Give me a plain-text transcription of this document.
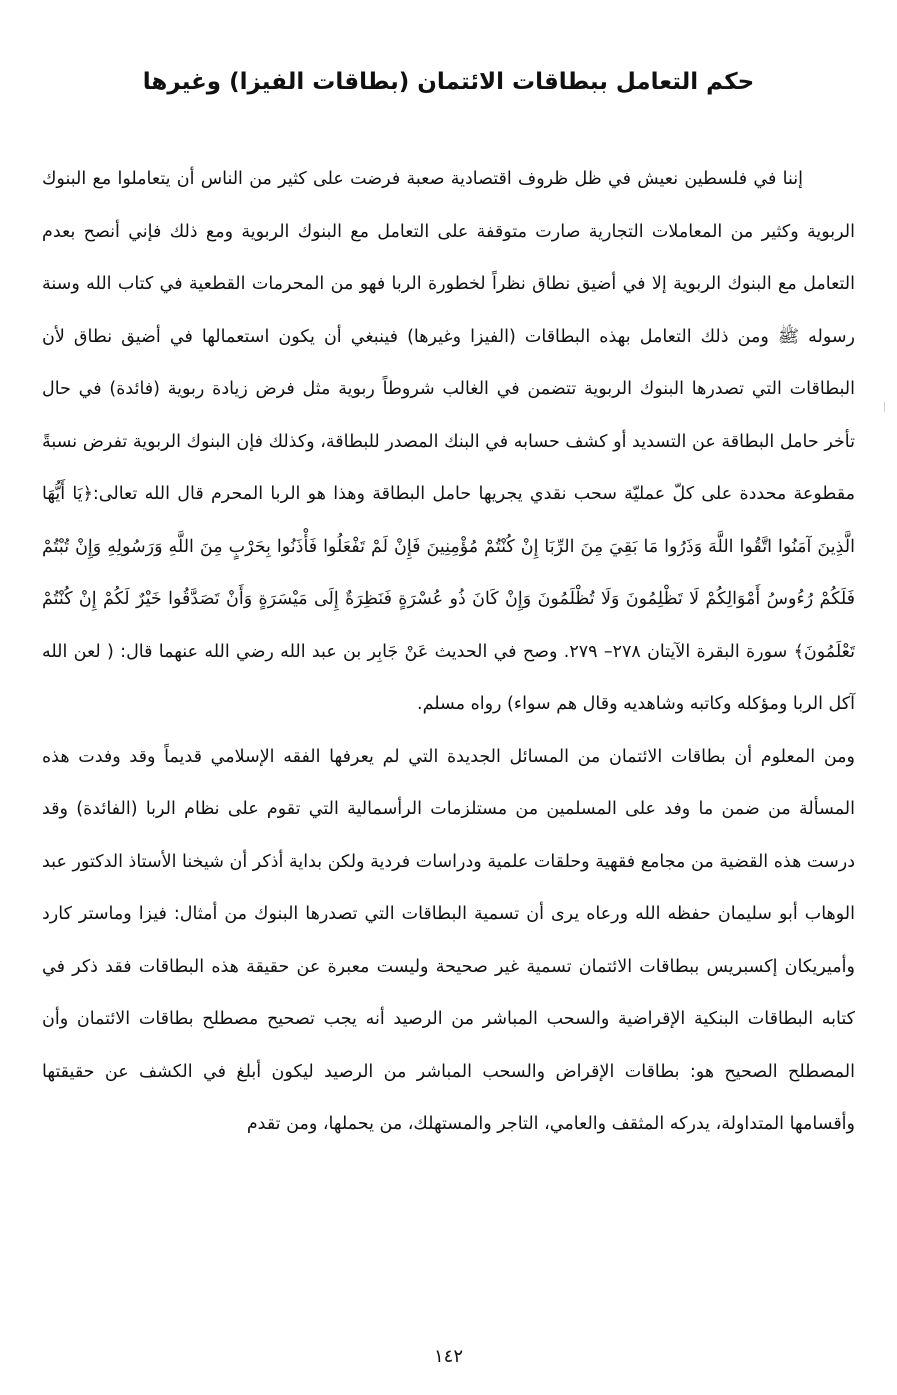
حكم التعامل ببطاقات الائتمان (بطاقات الفيزا) وغيرها

إننا في فلسطين نعيش في ظل ظروف اقتصادية صعبة فرضت على كثير من الناس أن يتعاملوا مع البنوك الربوية وكثير من المعاملات التجارية صارت متوقفة على التعامل مع البنوك الربوية ومع ذلك فإني أنصح بعدم التعامل مع البنوك الربوية إلا في أضيق نطاق نظراً لخطورة الربا فهو من المحرمات القطعية في كتاب الله وسنة رسوله ﷺ ومن ذلك التعامل بهذه البطاقات (الفيزا وغيرها) فينبغي أن يكون استعمالها في أضيق نطاق لأن البطاقات التي تصدرها البنوك الربوية تتضمن في الغالب شروطاً ربوية مثل فرض زيادة ربوية (فائدة) في حال تأخر حامل البطاقة عن التسديد أو كشف حسابه في البنك المصدر للبطاقة، وكذلك فإن البنوك الربوية تفرض نسبةً مقطوعة محددة على كلّ عمليّة سحب نقدي يجريها حامل البطاقة وهذا هو الربا المحرم قال الله تعالى:﴿يَا أَيُّهَا الَّذِينَ آمَنُوا اتَّقُوا اللَّهَ وَذَرُوا مَا بَقِيَ مِنَ الرِّبَا إِنْ كُنْتُمْ مُؤْمِنِينَ فَإِنْ لَمْ تَفْعَلُوا فَأْذَنُوا بِحَرْبٍ مِنَ اللَّهِ وَرَسُولِهِ وَإِنْ تُبْتُمْ فَلَكُمْ رُءُوسُ أَمْوَالِكُمْ لَا تَظْلِمُونَ وَلَا تُظْلَمُونَ وَإِنْ كَانَ ذُو عُسْرَةٍ فَنَظِرَةٌ إِلَى مَيْسَرَةٍ وَأَنْ تَصَدَّقُوا خَيْرٌ لَكُمْ إِنْ كُنْتُمْ تَعْلَمُونَ﴾ سورة البقرة الآيتان ٢٧٨– ٢٧٩. وصح في الحديث عَنْ جَابِر بن عبد الله رضي الله عنهما قال: ( لعن الله آكل الربا ومؤكله وكاتبه وشاهديه وقال هم سواء) رواه مسلم.

ومن المعلوم أن بطاقات الائتمان من المسائل الجديدة التي لم يعرفها الفقه الإسلامي قديماً وقد وفدت هذه المسألة من ضمن ما وفد على المسلمين من مستلزمات الرأسمالية التي تقوم على نظام الربا (الفائدة) وقد درست هذه القضية من مجامع فقهية وحلقات علمية ودراسات فردية ولكن بداية أذكر أن شيخنا الأستاذ الدكتور عبد الوهاب أبو سليمان حفظه الله ورعاه يرى أن تسمية البطاقات التي تصدرها البنوك من أمثال: فيزا وماستر كارد وأميريكان إكسبريس ببطاقات الائتمان تسمية غير صحيحة وليست معبرة عن حقيقة هذه البطاقات فقد ذكر في كتابه البطاقات البنكية الإقراضية والسحب المباشر من الرصيد أنه يجب تصحيح مصطلح بطاقات الائتمان وأن المصطلح الصحيح هو: بطاقات الإقراض والسحب المباشر من الرصيد ليكون أبلغ في الكشف عن حقيقتها وأقسامها المتداولة، يدركه المثقف والعامي، التاجر والمستهلك، من يحملها، ومن تقدم

١٤٢
